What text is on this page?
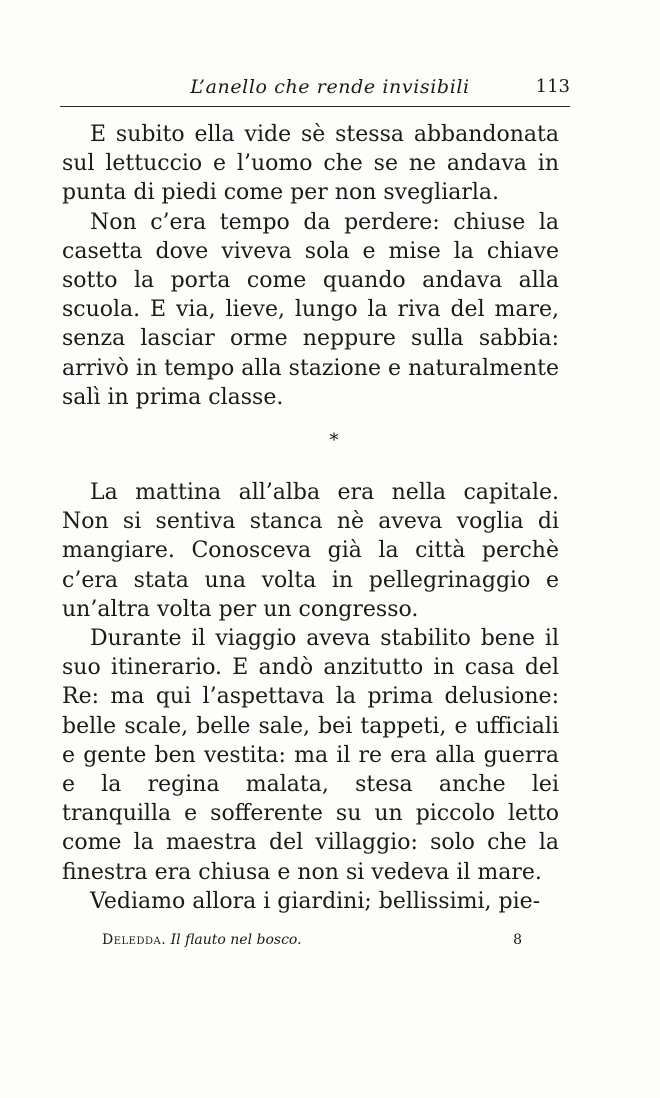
L’anello che rende invisibili	113

E subito ella vide sè stessa abbandonata sul lettuccio e l’uomo che se ne andava in punta di piedi come per non svegliarla.

Non c’era tempo da perdere: chiuse la casetta dove viveva sola e mise la chiave sotto la porta come quando andava alla scuola. E via, lieve, lungo la riva del mare, senza lasciar orme neppure sulla sabbia: arrivò in tempo alla stazione e naturalmente salì in prima classe.

*

La mattina all’alba era nella capitale. Non si sentiva stanca nè aveva voglia di mangiare. Conosceva già la città perchè c’era stata una volta in pellegrinaggio e un’altra volta per un congresso.

Durante il viaggio aveva stabilito bene il suo itinerario. E andò anzitutto in casa del Re: ma qui l’aspettava la prima delusione: belle scale, belle sale, bei tappeti, e ufficiali e gente ben vestita: ma il re era alla guerra e la regina malata, stesa anche lei tranquilla e sofferente su un piccolo letto come la maestra del villaggio: solo che la finestra era chiusa e non si vedeva il mare.

Vediamo allora i giardini; bellissimi, pie-

Deledda. Il flauto nel bosco.	8
